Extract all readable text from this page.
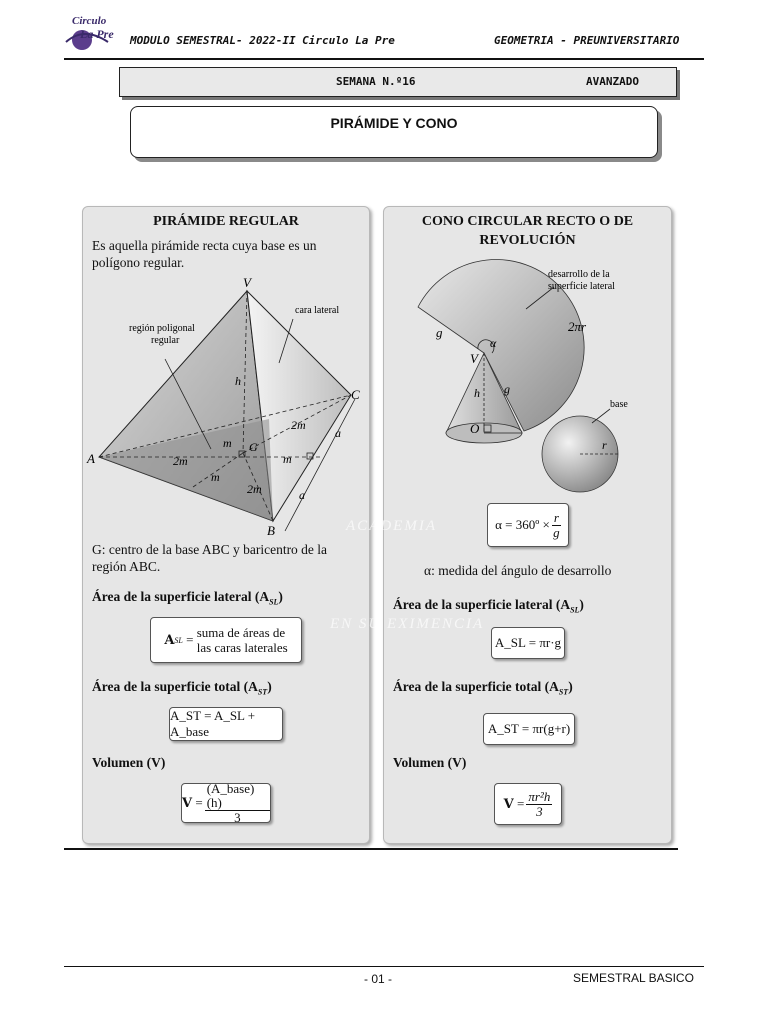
Circulo
La Pre MODULO SEMESTRAL- 2022-II Circulo La Pre	GEOMETRIA - PREUNIVERSITARIO
SEMANA N.º16	AVANZADO
PIRÁMIDE Y CONO
PIRÁMIDE REGULAR
Es aquella pirámide recta cuya base es un
polígono regular.
V
A
B
C
G
h
m
m
m
2m
2m
2m
a
a
cara lateral
región poligonal
regular
G: centro de la base ABC y baricentro de la
región ABC.
Área de la superficie lateral $(A_{SL})$
A SL = suma de áreas de
las caras laterales
Área de la superficie total $(A_{ST})$
A_ST = A_SL + A_base
Volumen (V)
$V = \frac{\text{(A\_base)(h)}}{3}$
CONO CIRCULAR RECTO O DE
REVOLUCIÓN
desarrollo de la
superficie lateral
g	2πr
V
α
h g
O
base
r
α = 360º × $\frac{r}{g}$
α: medida del ángulo de desarrollo
Área de la superficie lateral $(A_{SL})$
A_SL = πr·g
Área de la superficie total $(A_{ST})$
A_ST = πr(g+r)
Volumen (V)
$V = \frac{\text{πr²h}}{3}$
ACADEMIA
EN SU EXIMENCIA
- 01 -	SEMESTRAL BASICO
